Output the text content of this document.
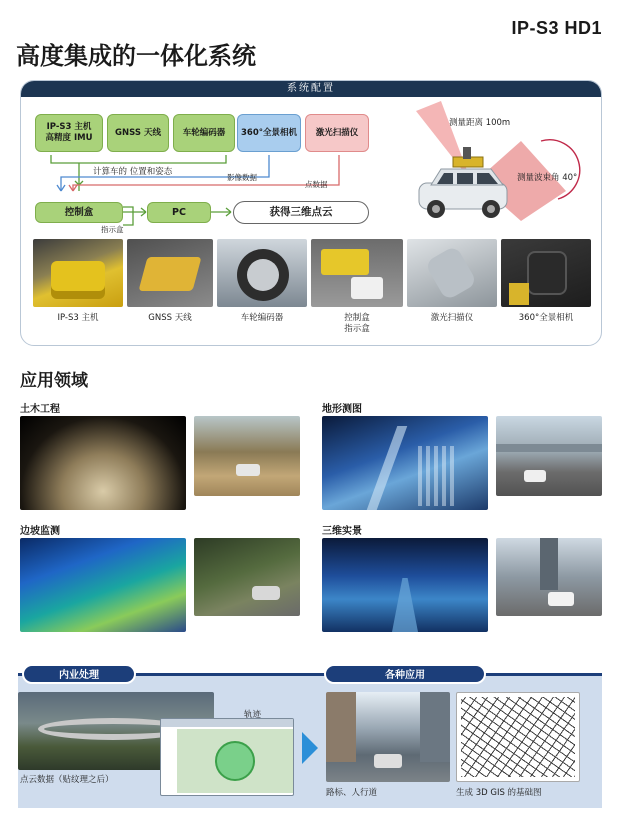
IP-S3 HD1
高度集成的一体化系统
系统配置
IP-S3 主机
高精度 IMU
GNSS 天线	车轮编码器	360°全景相机	激光扫描仪
计算车的 位置和姿态
影像数据
点数据
控制盒
指示盒
PC	获得三维点云
测量距离 100m
测量波束角 40°
IP-S3 主机	GNSS 天线	车轮编码器	控制盒
指示盒
激光扫描仪	360°全景相机
应用领域
土木工程	地形测图
边坡监测	三维实景
内业处理	各种应用
轨迹
点云数据（贴纹理之后）
路标、人行道	生成 3D GIS 的基础图
